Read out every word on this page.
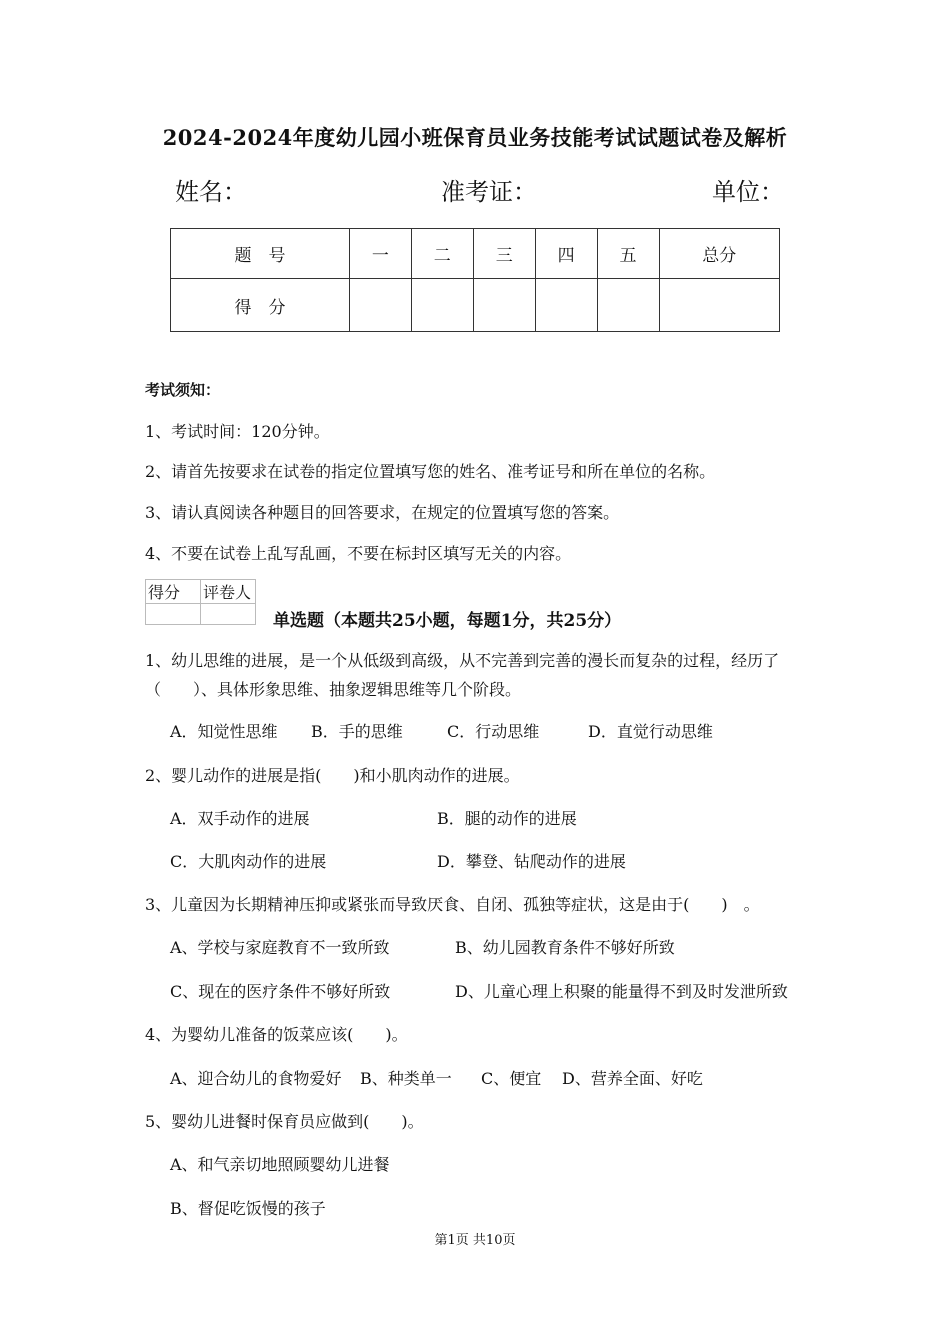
2024-2024年度幼儿园小班保育员业务技能考试试题试卷及解析
姓名：	准考证：	单位：
题　号	一	二	三	四	五	总分
得　分						
考试须知：
1、考试时间：120分钟。
2、请首先按要求在试卷的指定位置填写您的姓名、准考证号和所在单位的名称。
3、请认真阅读各种题目的回答要求，在规定的位置填写您的答案。
4、不要在试卷上乱写乱画，不要在标封区填写无关的内容。
得分	评卷人

单选题（本题共25小题，每题1分，共25分）
1、幼儿思维的进展，是一个从低级到高级，从不完善到完善的漫长而复杂的过程，经历了
（　　）、具体形象思维、抽象逻辑思维等几个阶段。
A．知觉性思维 B．手的思维	C．行动思维	D．直觉行动思维
2、婴儿动作的进展是指(　　)和小肌肉动作的进展。
A．双手动作的进展	B．腿的动作的进展
C．大肌肉动作的进展	D．攀登、钻爬动作的进展
3、儿童因为长期精神压抑或紧张而导致厌食、自闭、孤独等症状，这是由于(　　)　。
A、学校与家庭教育不一致所致	B、幼儿园教育条件不够好所致
C、现在的医疗条件不够好所致	D、儿童心理上积聚的能量得不到及时发泄所致
4、为婴幼儿准备的饭菜应该(　　)。
A、迎合幼儿的食物爱好 B、种类单一 C、便宜 D、营养全面、好吃
5、婴幼儿进餐时保育员应做到(　　)。
A、和气亲切地照顾婴幼儿进餐
B、督促吃饭慢的孩子
第1页 共10页
